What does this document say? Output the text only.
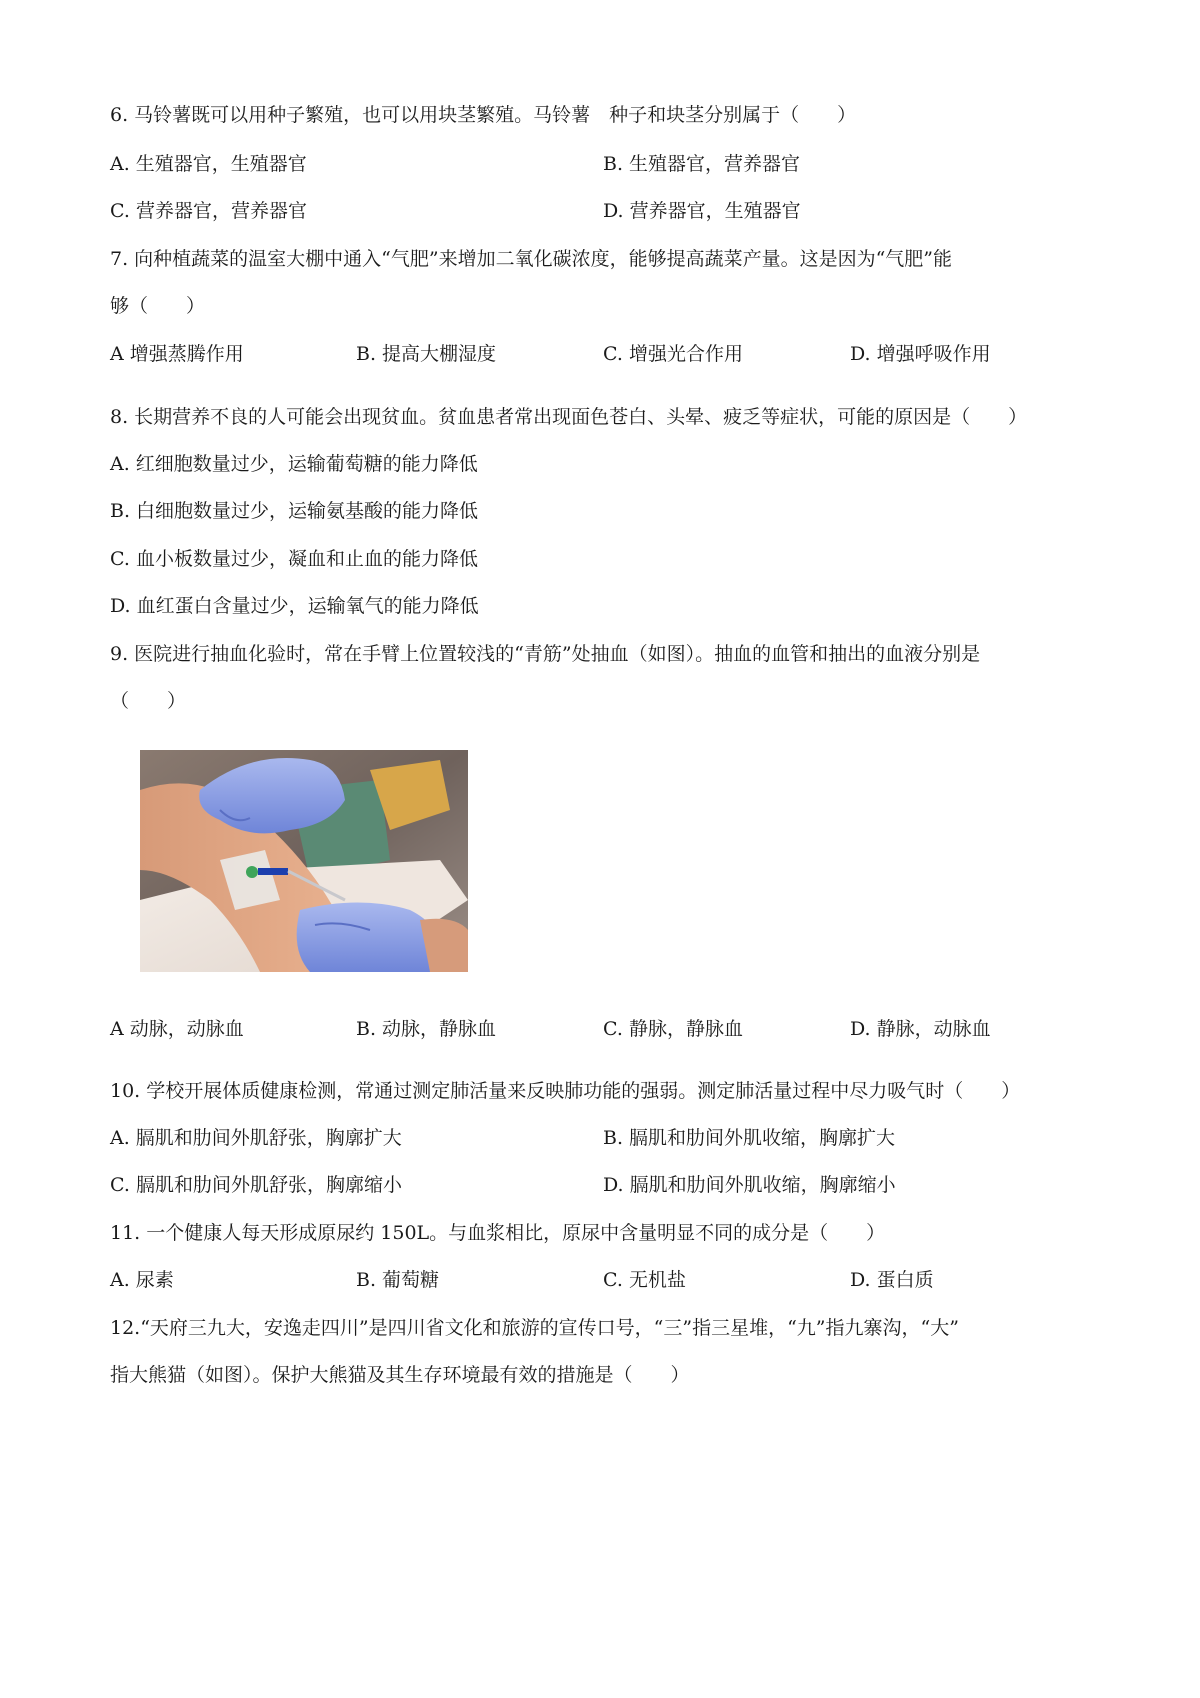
6. 马铃薯既可以用种子繁殖，也可以用块茎繁殖。马铃薯　种子和块茎分别属于（　　）
A. 生殖器官，生殖器官	B. 生殖器官，营养器官
C. 营养器官，营养器官	D. 营养器官，生殖器官
7. 向种植蔬菜的温室大棚中通入“气肥”来增加二氧化碳浓度，能够提高蔬菜产量。这是因为“气肥”能
够（　　）
A 增强蒸腾作用	B. 提高大棚湿度	C. 增强光合作用	D. 增强呼吸作用
8. 长期营养不良的人可能会出现贫血。贫血患者常出现面色苍白、头晕、疲乏等症状，可能的原因是（　　）
A. 红细胞数量过少，运输葡萄糖的能力降低
B. 白细胞数量过少，运输氨基酸的能力降低
C. 血小板数量过少，凝血和止血的能力降低
D. 血红蛋白含量过少，运输氧气的能力降低
9. 医院进行抽血化验时，常在手臂上位置较浅的“青筋”处抽血（如图）。抽血的血管和抽出的血液分别是
（　　）
A 动脉，动脉血	B. 动脉，静脉血	C. 静脉，静脉血	D. 静脉，动脉血
10. 学校开展体质健康检测，常通过测定肺活量来反映肺功能的强弱。测定肺活量过程中尽力吸气时（　　）
A. 膈肌和肋间外肌舒张，胸廓扩大	B. 膈肌和肋间外肌收缩，胸廓扩大
C. 膈肌和肋间外肌舒张，胸廓缩小	D. 膈肌和肋间外肌收缩，胸廓缩小
11. 一个健康人每天形成原尿约 150L。与血浆相比，原尿中含量明显不同的成分是（　　）
A. 尿素	B. 葡萄糖	C. 无机盐	D. 蛋白质
12.“天府三九大，安逸走四川”是四川省文化和旅游的宣传口号，“三”指三星堆，“九”指九寨沟，“大”
指大熊猫（如图）。保护大熊猫及其生存环境最有效的措施是（　　）
